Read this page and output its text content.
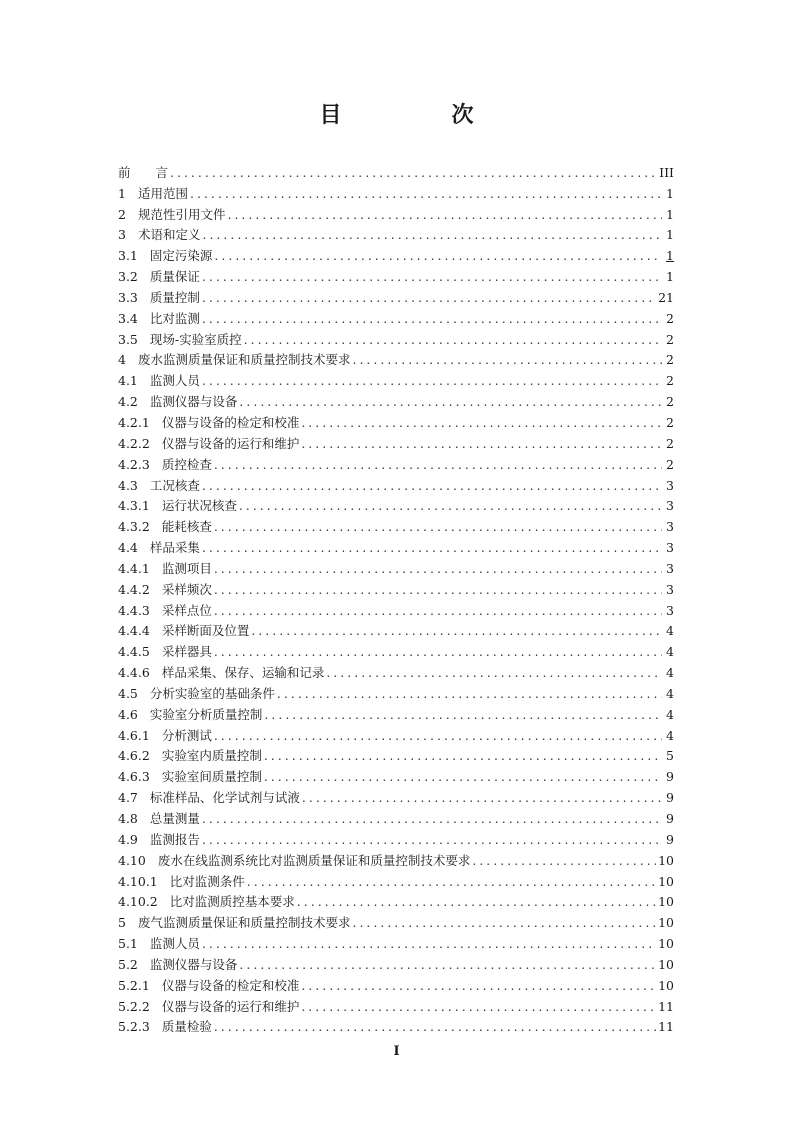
目　次
前　　言 .....	III
1 适用范围 .....	1
2 规范性引用文件 .....	1
3 术语和定义 .....	1
3.1 固定污染源 .....	1
3.2 质量保证 .....	1
3.3 质量控制 .....	21
3.4 比对监测 .....	2
3.5 现场-实验室质控 .....	2
4 废水监测质量保证和质量控制技术要求 .....	2
4.1 监测人员 .....	2
4.2 监测仪器与设备 .....	2
4.2.1 仪器与设备的检定和校准 .....	2
4.2.2 仪器与设备的运行和维护 .....	2
4.2.3 质控检查 .....	2
4.3 工况核查 .....	3
4.3.1 运行状况核查 .....	3
4.3.2 能耗核查 .....	3
4.4 样品采集 .....	3
4.4.1 监测项目 .....	3
4.4.2 采样频次 .....	3
4.4.3 采样点位 .....	3
4.4.4 采样断面及位置 .....	4
4.4.5 采样器具 .....	4
4.4.6 样品采集、保存、运输和记录 .....	4
4.5 分析实验室的基础条件 .....	4
4.6 实验室分析质量控制 .....	4
4.6.1 分析测试 .....	4
4.6.2 实验室内质量控制 .....	5
4.6.3 实验室间质量控制 .....	9
4.7 标准样品、化学试剂与试液 .....	9
4.8 总量测量 .....	9
4.9 监测报告 .....	9
4.10 废水在线监测系统比对监测质量保证和质量控制技术要求 .....	10
4.10.1 比对监测条件 .....	10
4.10.2 比对监测质控基本要求 .....	10
5 废气监测质量保证和质量控制技术要求 .....	10
5.1 监测人员 .....	10
5.2 监测仪器与设备 .....	10
5.2.1 仪器与设备的检定和校准 .....	10
5.2.2 仪器与设备的运行和维护 .....	11
5.2.3 质量检验 .....	11
I
